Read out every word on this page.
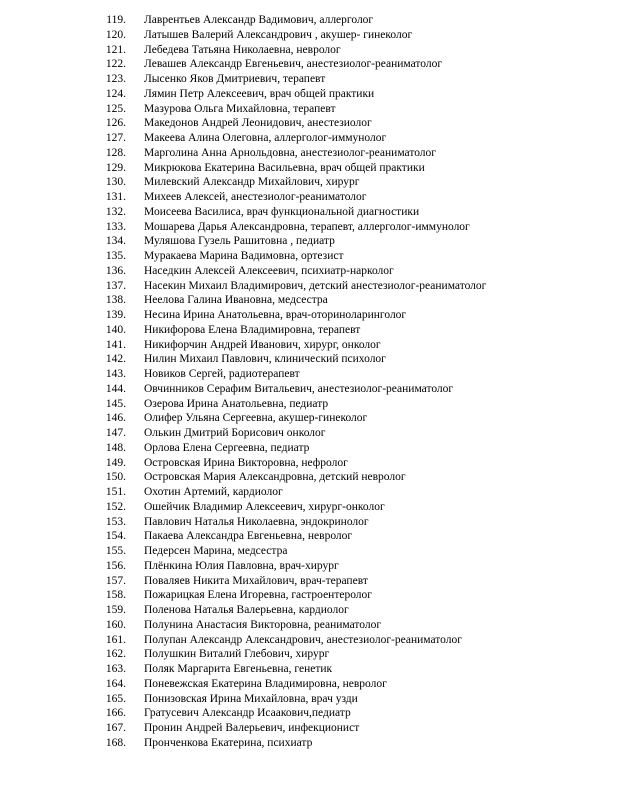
119. Лаврентьев Александр Вадимович, аллерголог
120. Латышев Валерий Александрович , акушер- гинеколог
121. Лебедева Татьяна Николаевна, невролог
122. Левашев Александр Евгеньевич, анестезиолог-реаниматолог
123. Лысенко Яков Дмитриевич, терапевт
124. Лямин Петр Алексеевич, врач общей практики
125. Мазурова Ольга Михайловна, терапевт
126. Македонов Андрей Леонидович, анестезиолог
127. Макеева Алина Олеговна, аллерголог-иммунолог
128. Марголина Анна Арнольдовна, анестезиолог-реаниматолог
129. Микрюкова Екатерина Васильевна, врач общей практики
130. Милевский Александр Михайлович, хирург
131. Михеев Алексей, анестезиолог-реаниматолог
132. Моисеева Василиса, врач функциональной диагностики
133. Мошарева Дарья Александровна, терапевт, аллерголог-иммунолог
134. Муляшова Гузель Рашитовна , педиатр
135. Муракаева Марина Вадимовна, ортезист
136. Наседкин Алексей Алексеевич, психиатр-нарколог
137. Насекин Михаил Владимирович, детский анестезиолог-реаниматолог
138. Неелова Галина Ивановна, медсестра
139. Несина Ирина Анатольевна, врач-оториноларинголог
140. Никифорова Елена Владимировна, терапевт
141. Никифорчин Андрей Иванович, хирург, онколог
142. Нилин Михаил Павлович, клинический психолог
143. Новиков Сергей, радиотерапевт
144. Овчинников Серафим Витальевич, анестезиолог-реаниматолог
145. Озерова Ирина Анатольевна, педиатр
146. Олифер Ульяна Сергеевна, акушер-гинеколог
147. Олькин Дмитрий Борисович онколог
148. Орлова Елена Сергеевна, педиатр
149. Островская Ирина Викторовна, нефролог
150. Островская Мария Александровна, детский невролог
151. Охотин Артемий, кардиолог
152. Ошейчик Владимир Алексеевич, хирург-онколог
153. Павлович Наталья Николаевна, эндокринолог
154. Пакаева Александра Евгеньевна, невролог
155. Педерсен Марина, медсестра
156. Плёнкина Юлия Павловна, врач-хирург
157. Поваляев Никита Михайлович, врач-терапевт
158. Пожарицкая Елена Игоревна, гастроентеролог
159. Поленова Наталья Валерьевна, кардиолог
160. Полунина Анастасия Викторовна, реаниматолог
161. Полупан Александр Александрович, анестезиолог-реаниматолог
162. Полушкин Виталий Глебович, хирург
163. Поляк Маргарита Евгеньевна, генетик
164. Поневежская Екатерина Владимировна, невролог
165. Понизовская Ирина Михайловна, врач узди
166. Гратусевич Александр Исаакович,педиатр
167. Пронин Андрей Валерьевич, инфекционист
168. Пронченкова Екатерина, психиатр
